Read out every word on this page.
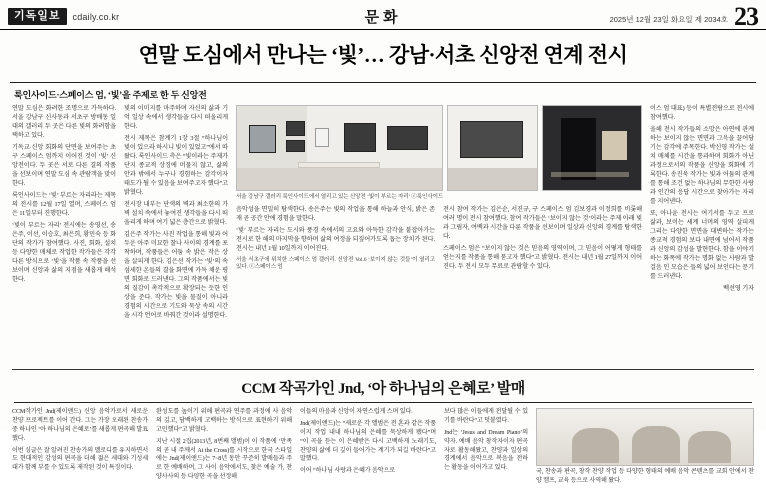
기독일보	cdaily.co.kr	문화	2025년 12월 23일 화요일 제 2034호 23
연말 도심에서 만나는 ‘빛’… 강남·서초 신앙전 연계 전시
룩인사이드·스페이스 엄, ‘빛’을 주제로 한 두 신앙전

연말 도심은 화려한 조명으로 가득하다. 서울 강남구 신사동과 서초구 방배동 일대의 갤러리 두 곳은 다른 빛의 화려함을 택하고 있다.

기독교·신앙 회화의 단면을 보여주는 초구 스페이스 엄까지 이어진 것이 ‘빛’ 신앙전이다. 두 곳은 서로 다른 결의 작품을 선보이며 연말 도심 속 관람객을 맞이한다.

룩인사이드는 ‘빛’ 부르는 자리라는 제목의 전시를 12월 17일 열며, 스페이스 엄은 11일부터 진행한다.

‘빛이 부르는 자리’ 전시에는 송영선, 송은주, 이선, 이승호, 최은희, 황민숙 등 화단의 작가가 참여했다. 사진, 회화, 설치 등 다양한 매체로 작업한 작가들은 각각 다른 방식으로 ‘빛’을 작품 속 작품을 선보이며 신앙과 삶의 지점을 새롭게 해석한다.

빛의 이미지를 마주하며 자신의 삶과 기억 일상 속에서 생각들을 다시 떠올리게 한다.

전시 제목은 참계기 1장 3절 “하나님이 빛이 있으라 하시니 빛이 있었고”에서 따왔다. 룩인사이드 측은 “빛이라는 주제가 단지 종교적 상징에 머물지 않고, 삶의 안과 밖에서 누구나 경험하는 감각이자 태도가 될 수 있음을 보여주고자 했다”고 밝혔다.

전시장 내부는 단색의 벽과 최소한의 가벽 설치 속에서 놓여진 생각들을 다시 떠올리게 하며 여기 넓은 층간으로 밝혔다.

김은주 작가는 사진 작업을 통해 빛과 어두운 아주 미묘한 찰나 사이의 경계를 포착하며, 작품들은 어둠 속 밝은 작은 상을 살피게 한다. 김은선 작가는 ‘빛’의 속 섬세한 온들의 결을 화면에 가득 채운 평면 회화로 드러낸다. 그의 작품에서는 빛의 질감이 촉각적으로 확장되는 듯한 인상을 준다. 작가는 빛을 물질이 아니라 경험의 시간으로 기도와 묵상 속의 시간을 시각 언어로 바꿔간 것이라 설명한다.

서울 강남구 갤러리 룩인사이드에서 열리고 있는 신앙전 ‘빛이 부르는 자리’ ⓒ룩인사이드

음악성을 면밀히 탐색한다. 송은주는 빛의 작업을 통해 하늘과 안식, 밝은 존재 곧 공간 안에 경험을 말한다.

‘빛’ 부르는 자리는 도시와 풍경 속에서의 고요와 아득한 감각을 붙잡아가는 전시로 한 해의 마지막을 향하며 삶의 여정을 되짚어가도록 돕는 장치가 된다. 전시는 내년 1월 10일까지 이어진다.

서울 서초구에 위치한 스페이스 엄 갤러리. 신앙전 Vol.6 ‘보이지 않는 것들’이 열리고 있다. ⓒ스페이스 엄

전시 참여 작가는 김은순, 서진규, 구 스페이스 엄 김보경과 이정희를 비롯해 여러 명이 전시 참여했다. 참여 작가들은 ‘보이지 않는 것’이라는 주제 아래 빛과 그림자, 여백과 시간을 다룬 작품을 선보이며 일상과 신앙의 경계를 탐색한다.

스페이스 엄은 “보이지 않는 것은 믿음의 영역이며, 그 믿음이 어떻게 형태를 얻는지를 작품을 통해 묻고자 했다”고 밝혔다. 전시는 내년 1월 27일까지 이어진다. 두 전시 모두 무료로 관람할 수 있다.

이스 엄 대표) 등이 특별전람으로 전시에 참여했다.

올해 전시 작가들의 소망은 아연에 관계하는 보이지 않는 면면과 그윽을 끌어당기는 감각에 주목한다. 박신영 작가는 설치 매체를 시간을 통과하며 회화가 아닌 과정으로서의 작품을 신앙을 회화에 기록한다. 송진욱 작가는 빛과 어둠의 관계를 통해 조건 없는 하나님의 무한한 사랑과 인간의 응답 시간으로 찾아가는 자리를 지어낸다.

또, 아나윤 전시는 여기서를 두고 프로 삶과, 보이는 세계 너머의 영역 살피게 그리는 다양한 면면을 대변하는 작가는 종교적 경험의 보다 내면에 넘어서 작품과 신앙의 감성을 발현한다. 함을 이야기하는 화폭에 작가는 명화 없는 사람과 발걸음 인 모습은 들의 넓어 보인다는 문기를 드러낸다.

백선영 기자
CCM 작곡가인 Jnd, ‘아 하나님의 은혜로’ 발매

CCM작가인 Jnd(제이앤드) 신앙 음악가로서 새로운 찬양 프로젝트를 이어 간다. 그는 가장 오래된 찬송가 중 하나인 ‘아 하나님의 은혜로’를 새롭게 편곡해 발표했다.

이번 싱글은 잘 알려진 찬송가의 멜로디를 유지하면서도 현대적인 감성의 편곡을 더해 젊은 세대와 기성세대가 함께 부를 수 있도록 제작된 것이 특징이다.

완성도를 높이기 위해 편곡과 연주를 과정에 사 음악의 깊고, 담백하게 고백하는 방식으로 표현하기 위해 고민했다”고 밝혔다.

지난 시절 2집(2013년, 8번째 앨범)이 이 작품에 ‘만족의 곧 내 주께서 At the Cross)를 시작으로 한국 스타일에는 Jnd(제이앤드)는 7~8년 동안 꾸준히 발매들과 주로 한 예배하며, 그 사이 음악에서도, 찾은 예술 가, 찬양사사의 등 다양한 곡을 선정해

이들의 마음과 신앙이 자연스럽게 스며 있다.

Jnd(제이앤드)는 “새로운 각 앨범은 전 혼과 같은 작품이지 작업 내내 하나님의 은혜를 묵상하게 됐다”며 “이 곡을 듣는 이 은혜받은 다시 고백하게 노래기도, 찬양의 삶에 더 깊이 들어가는 계기가 되길 바란다”고 말했다.

이어 “하나님 사랑과 은혜가 음악으로

보다 많은 이들에게 전달될 수 있기를 바란다”고 덧붙였다.

Jnd는 ‘Jesus and Dream Piano’의 약자. 예배 음악 창작자이자 편곡자로 활동해왔고, 찬양과 일상의 경계에서 음악으로 복음을 전하는 활동을 이어가고 있다.

국, 찬송과 편곡, 창작 찬양 작업 등 다양한 형태의 예배 음악 콘텐츠를 교회 안에서 찬양 캠프, 교육 등으로 사역해 왔다.
